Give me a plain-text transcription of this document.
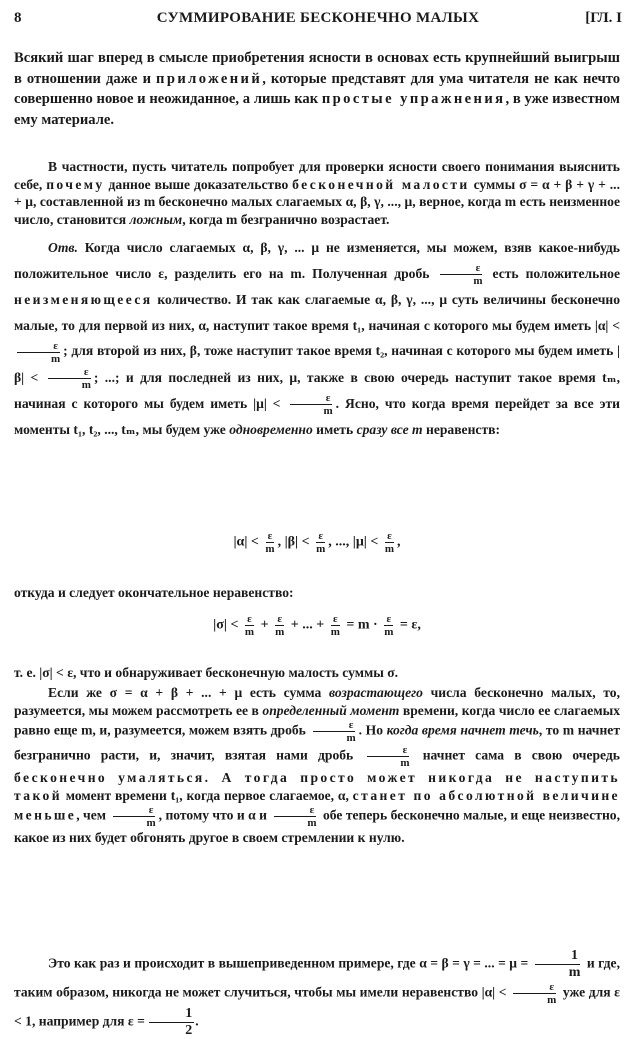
8	СУММИРОВАНИЕ БЕСКОНЕЧНО МАЛЫХ	[ГЛ. I
Всякий шаг вперед в смысле приобретения ясности в основах есть крупнейший выигрыш в отношении даже и приложений, которые представят для ума читателя не как нечто совершенно новое и неожиданное, а лишь как простые упражнения, в уже известном ему материале.
В частности, пусть читатель попробует для проверки ясности своего понимания выяснить себе, почему данное выше доказательство бесконечной малости суммы σ = α + β + γ + ... + μ, составленной из m бесконечно малых слагаемых α, β, γ, ..., μ, верное, когда m есть неизменное число, становится ложным, когда m безгранично возрастает.
Отв. Когда число слагаемых α, β, γ, ... μ не изменяется, мы можем, взяв какое-нибудь положительное число ε, разделить его на m. Полученная дробь $\frac{\varepsilon}{m}$ есть положительное неизменяющееся количество. И так как слагаемые α, β, γ, ..., μ суть величины бесконечно малые, то для первой из них, α, наступит такое время t₁, начиная с которого мы будем иметь |α| <
$\frac{\varepsilon}{m}$ ; для второй из них, β, тоже наступит такое время t₂, начиная с которого мы будем иметь $|\beta| < \frac{\varepsilon}{m}$ ; ...; и для последней из них, μ, также в свою очередь наступит такое время tₘ, начиная с которого мы будем иметь $|\mu| < \frac{\varepsilon}{m}$ . Ясно, что когда время перейдет за все эти моменты t₁, t₂, ..., tₘ, мы будем уже одновременно иметь сразу все m неравенств:
$|\alpha| < \frac{\varepsilon}{m}$ , $|\beta| < \frac{\varepsilon}{m}$ , ..., $|\mu| < \frac{\varepsilon}{m}$ ,
откуда и следует окончательное неравенство:
$|\sigma| < \frac{\varepsilon}{m} + \frac{\varepsilon}{m}$ + ... + $\frac{\varepsilon}{m} = m \cdot \frac{\varepsilon}{m} = \varepsilon$,
т. е. |σ| < ε, что и обнаруживает бесконечную малость суммы σ.
Если же σ = α + β + ... + μ есть сумма возрастающего числа бесконечно малых, то, разумеется, мы можем рассмотреть ее в определенный момент времени, когда число ее слагаемых равно еще m, и, разумеется, можем взять дробь $\frac{\varepsilon}{m}$ . Но когда время начнет течь, то m начнет безгранично расти, и, значит, взятая нами дробь $\frac{\varepsilon}{m}$ начнет сама в свою очередь бесконечно умаляться. А тогда просто может никогда не наступить такой момент времени t₁, когда первое слагаемое, α, станет по абсолютной величине меньше, чем $\frac{\varepsilon}{m}$ , потому что и α и $\frac{\varepsilon}{m}$ обе теперь бесконечно малые, и еще неизвестно, какое из них будет обгонять другое в своем стремлении к нулю.
Это как раз и происходит в вышеприведенном примере, где α = β = γ = ... = $\mu = \frac{1}{m}$ и где, таким образом, никогда не может случиться, чтобы мы имели неравенство $|\alpha| < \frac{\varepsilon}{m}$ уже для ε < 1, например для $\varepsilon = \frac{1}{2}$ .
